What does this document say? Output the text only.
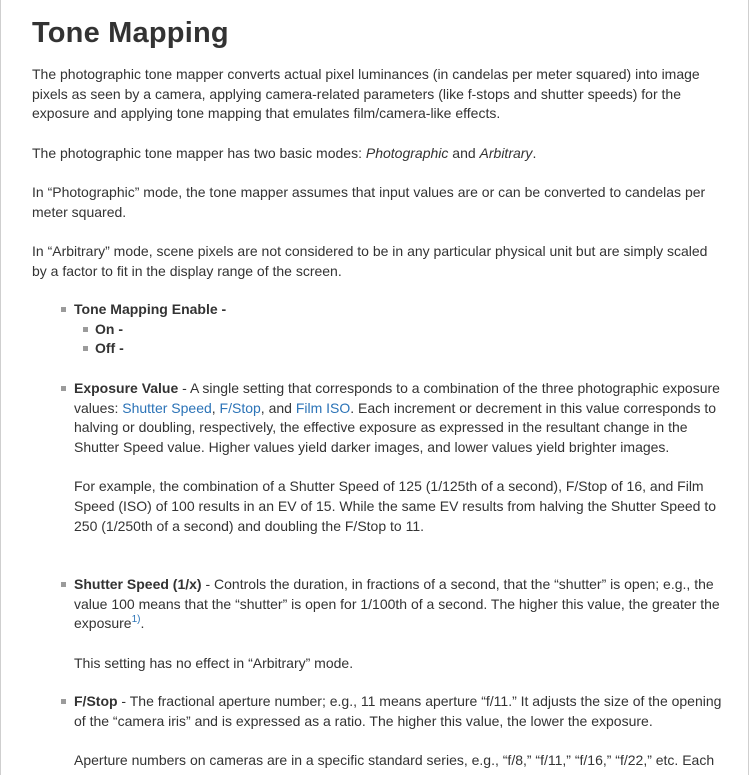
Tone Mapping

The photographic tone mapper converts actual pixel luminances (in candelas per meter squared) into image pixels as seen by a camera, applying camera-related parameters (like f-stops and shutter speeds) for the exposure and applying tone mapping that emulates film/camera-like effects.

The photographic tone mapper has two basic modes: Photographic and Arbitrary.

In “Photographic” mode, the tone mapper assumes that input values are or can be converted to candelas per meter squared.

In “Arbitrary” mode, scene pixels are not considered to be in any particular physical unit but are simply scaled by a factor to fit in the display range of the screen.

Tone Mapping Enable -

On -

Off -

Exposure Value - A single setting that corresponds to a combination of the three photographic exposure values: Shutter Speed, F/Stop, and Film ISO. Each increment or decrement in this value corresponds to halving or doubling, respectively, the effective exposure as expressed in the resultant change in the Shutter Speed value. Higher values yield darker images, and lower values yield brighter images.

For example, the combination of a Shutter Speed of 125 (1/125th of a second), F/Stop of 16, and Film Speed (ISO) of 100 results in an EV of 15. While the same EV results from halving the Shutter Speed to 250 (1/250th of a second) and doubling the F/Stop to 11.

Shutter Speed (1/x) - Controls the duration, in fractions of a second, that the “shutter” is open; e.g., the value 100 means that the “shutter” is open for 1/100th of a second. The higher this value, the greater the exposure$^{1)}$.

This setting has no effect in “Arbitrary” mode.

F/Stop - The fractional aperture number; e.g., 11 means aperture “f/11.” It adjusts the size of the opening of the “camera iris” and is expressed as a ratio. The higher this value, the lower the exposure.

Aperture numbers on cameras are in a specific standard series, e.g., “f/8,” “f/11,” “f/16,” “f/22,” etc. Each
